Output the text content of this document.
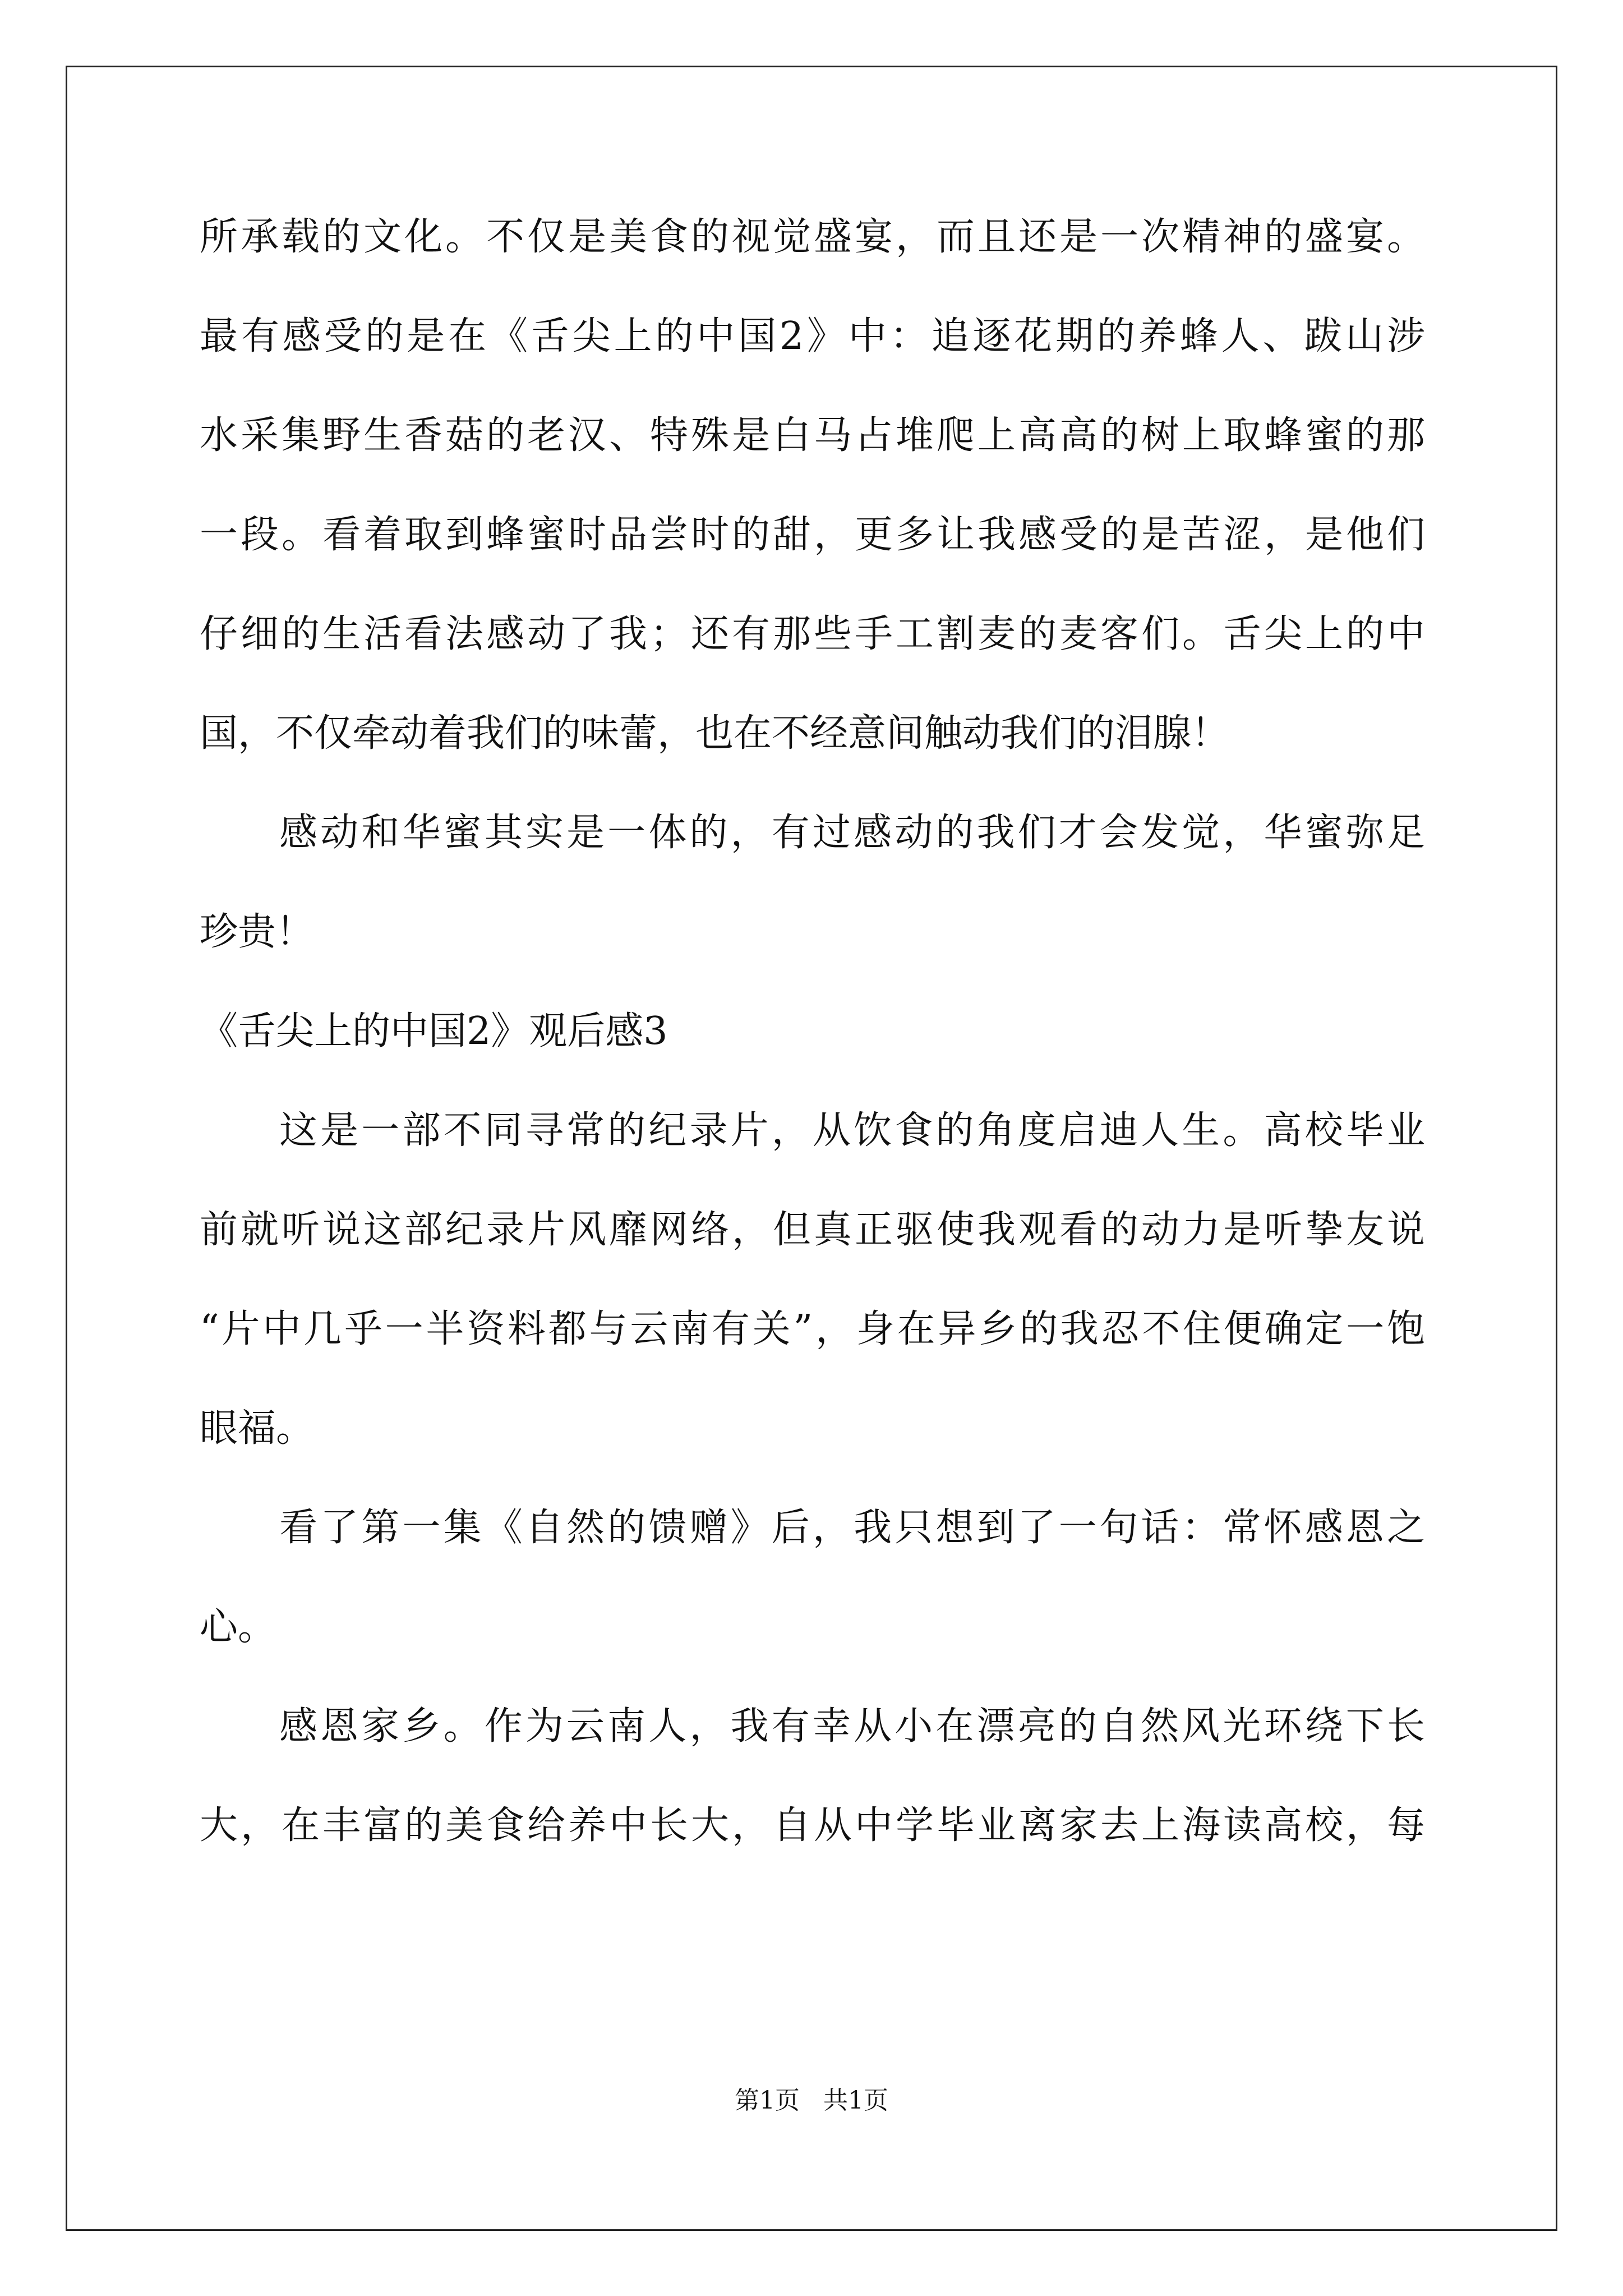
所承载的文化。不仅是美食的视觉盛宴，而且还是一次精神的盛宴。
最有感受的是在《舌尖上的中国2》中：追逐花期的养蜂人、跋山涉
水采集野生香菇的老汉、特殊是白马占堆爬上高高的树上取蜂蜜的那
一段。看着取到蜂蜜时品尝时的甜，更多让我感受的是苦涩，是他们
仔细的生活看法感动了我；还有那些手工割麦的麦客们。舌尖上的中
国，不仅牵动着我们的味蕾，也在不经意间触动我们的泪腺！
感动和华蜜其实是一体的，有过感动的我们才会发觉，华蜜弥足
珍贵！
《舌尖上的中国2》观后感3
这是一部不同寻常的纪录片，从饮食的角度启迪人生。高校毕业
前就听说这部纪录片风靡网络，但真正驱使我观看的动力是听挚友说
“片中几乎一半资料都与云南有关”，身在异乡的我忍不住便确定一饱
眼福。
看了第一集《自然的馈赠》后，我只想到了一句话：常怀感恩之
心。
感恩家乡。作为云南人，我有幸从小在漂亮的自然风光环绕下长
大，在丰富的美食给养中长大，自从中学毕业离家去上海读高校，每
第1页   共1页
